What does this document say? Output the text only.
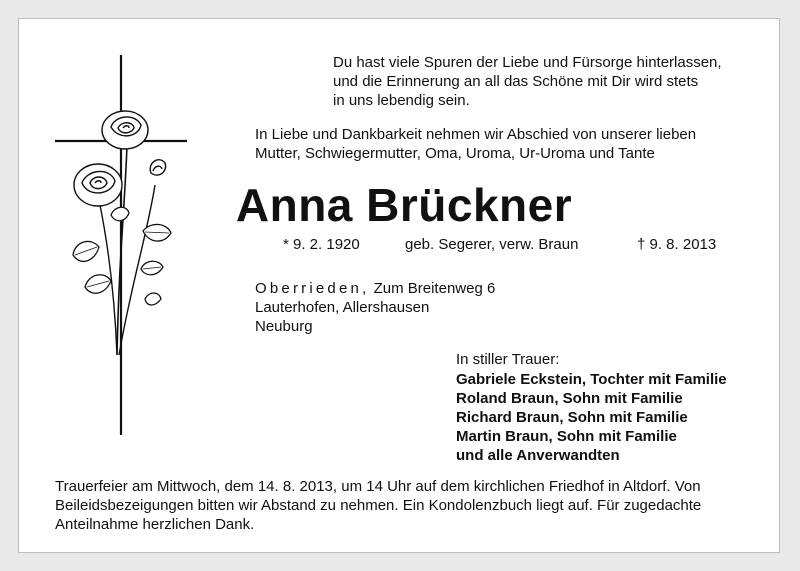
Du hast viele Spuren der Liebe und Fürsorge hinterlassen,
und die Erinnerung an all das Schöne mit Dir wird stets
in uns lebendig sein.
In Liebe und Dankbarkeit nehmen wir Abschied von unserer lieben
Mutter, Schwiegermutter, Oma, Uroma, Ur-Uroma und Tante
Anna Brückner
* 9. 2. 1920	geb. Segerer, verw. Braun	† 9. 8. 2013
Oberrieden, Zum Breitenweg 6
Lauterhofen, Allershausen
Neuburg
In stiller Trauer:
Gabriele Eckstein, Tochter mit Familie
Roland Braun, Sohn mit Familie
Richard Braun, Sohn mit Familie
Martin Braun, Sohn mit Familie
und alle Anverwandten
Trauerfeier am Mittwoch, dem 14. 8. 2013, um 14 Uhr auf dem kirchlichen Friedhof in Altdorf. Von
Beileidsbezeigungen bitten wir Abstand zu nehmen. Ein Kondolenzbuch liegt auf. Für zugedachte
Anteilnahme herzlichen Dank.
